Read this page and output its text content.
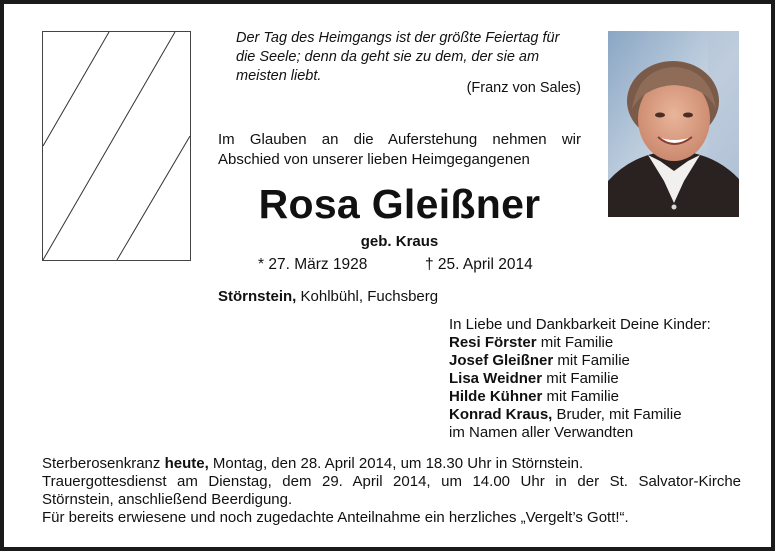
Der Tag des Heimgangs ist der größte Feiertag für
die Seele; denn da geht sie zu dem, der sie am
meisten liebt.
(Franz von Sales)
Im Glauben an die Auferstehung nehmen wir
Abschied von unserer lieben Heimgegangenen
Rosa Gleißner
geb. Kraus
* 27. März 1928	† 25. April 2014
Störnstein, Kohlbühl, Fuchsberg
In Liebe und Dankbarkeit Deine Kinder:
Resi Förster mit Familie
Josef Gleißner mit Familie
Lisa Weidner mit Familie
Hilde Kühner mit Familie
Konrad Kraus, Bruder, mit Familie
im Namen aller Verwandten
Sterberosenkranz heute, Montag, den 28. April 2014, um 18.30 Uhr in Störnstein.
Trauergottesdienst am Dienstag, dem 29. April 2014, um 14.00 Uhr in der St. Salvator-Kirche
Störnstein, anschließend Beerdigung.
Für bereits erwiesene und noch zugedachte Anteilnahme ein herzliches „Vergelt’s Gott!“.
